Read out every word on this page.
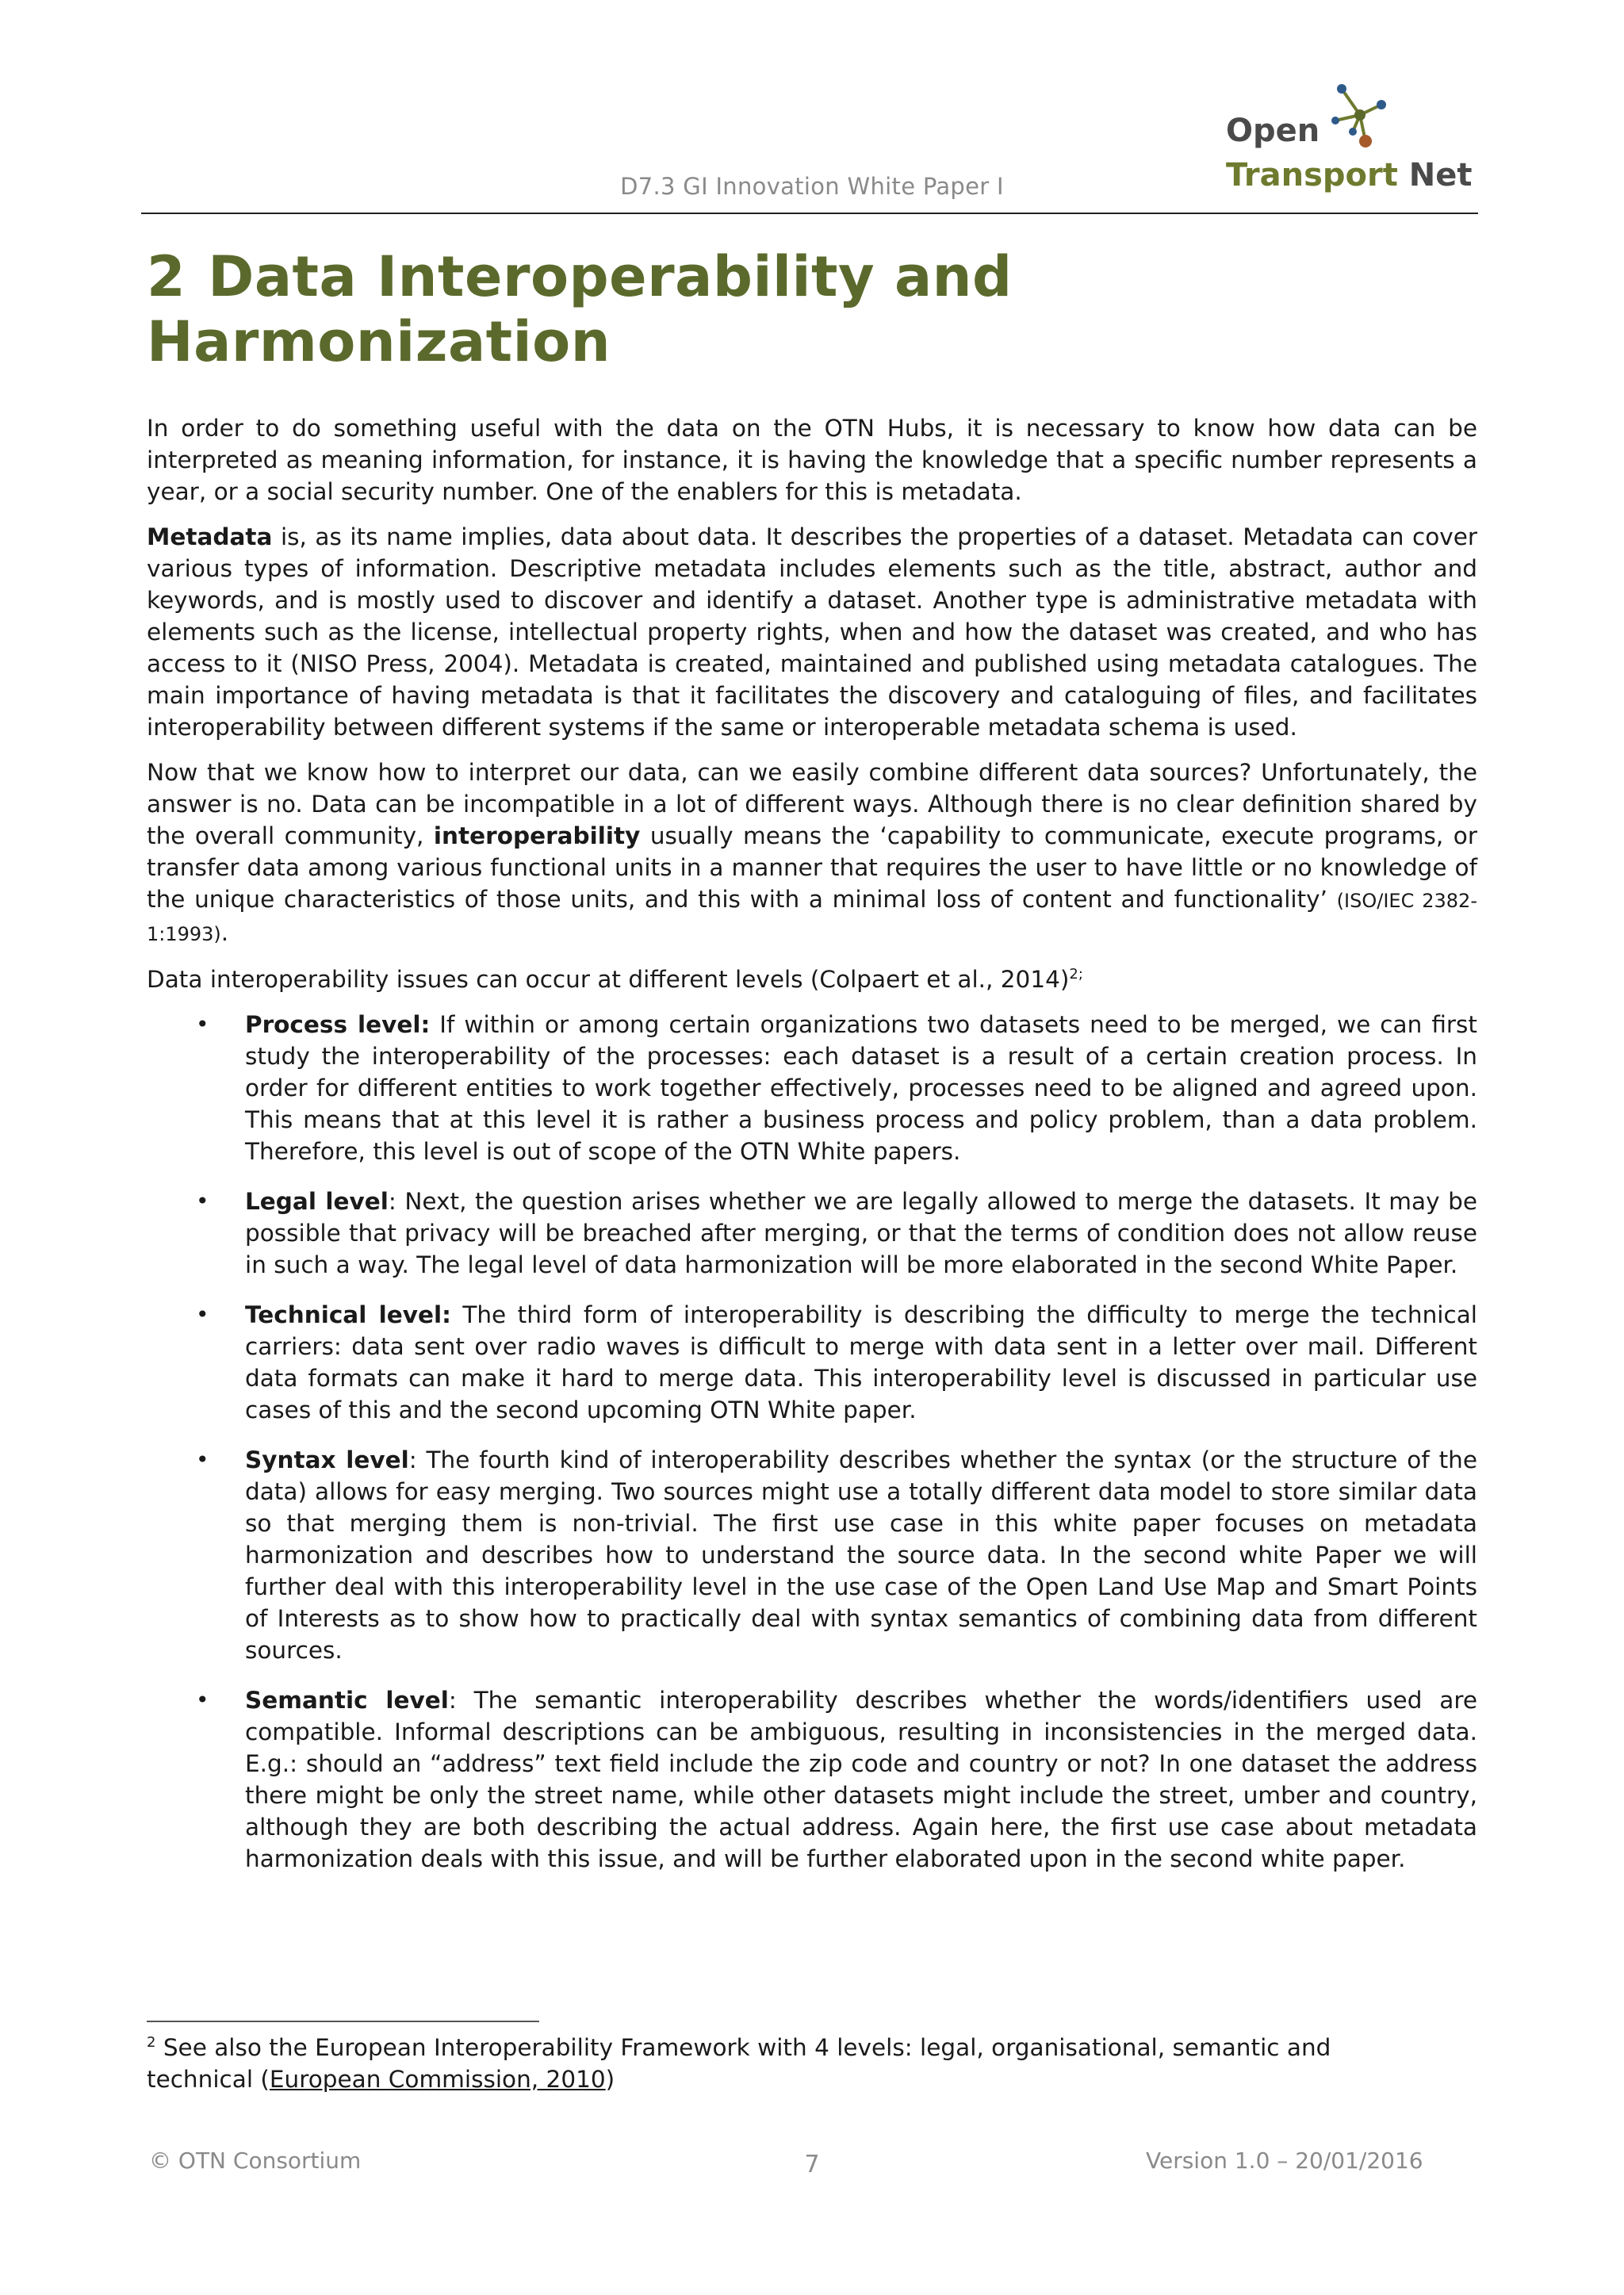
D7.3 GI Innovation White Paper I
Open
Transport Net
2 Data Interoperability and Harmonization

In order to do something useful with the data on the OTN Hubs, it is necessary to know how data can be interpreted as meaning information, for instance, it is having the knowledge that a specific number represents a year, or a social security number. One of the enablers for this is metadata.

Metadata is, as its name implies, data about data. It describes the properties of a dataset. Metadata can cover various types of information. Descriptive metadata includes elements such as the title, abstract, author and keywords, and is mostly used to discover and identify a dataset. Another type is administrative metadata with elements such as the license, intellectual property rights, when and how the dataset was created, and who has access to it (NISO Press, 2004). Metadata is created, maintained and published using metadata catalogues. The main importance of having metadata is that it facilitates the discovery and cataloguing of files, and facilitates interoperability between different systems if the same or interoperable metadata schema is used.

Now that we know how to interpret our data, can we easily combine different data sources? Unfortunately, the answer is no. Data can be incompatible in a lot of different ways. Although there is no clear definition shared by the overall community, interoperability usually means the ‘capability to communicate, execute programs, or transfer data among various functional units in a manner that requires the user to have little or no knowledge of the unique characteristics of those units, and this with a minimal loss of content and functionality’ (ISO/IEC 2382-1:1993).

Data interoperability issues can occur at different levels (Colpaert et al., 2014)$^{2;}$

• Process level: If within or among certain organizations two datasets need to be merged, we can first study the interoperability of the processes: each dataset is a result of a certain creation process. In order for different entities to work together effectively, processes need to be aligned and agreed upon. This means that at this level it is rather a business process and policy problem, than a data problem. Therefore, this level is out of scope of the OTN White papers.
• Legal level: Next, the question arises whether we are legally allowed to merge the datasets. It may be possible that privacy will be breached after merging, or that the terms of condition does not allow reuse in such a way. The legal level of data harmonization will be more elaborated in the second White Paper.
• Technical level: The third form of interoperability is describing the difficulty to merge the technical carriers: data sent over radio waves is difficult to merge with data sent in a letter over mail. Different data formats can make it hard to merge data. This interoperability level is discussed in particular use cases of this and the second upcoming OTN White paper.
• Syntax level: The fourth kind of interoperability describes whether the syntax (or the structure of the data) allows for easy merging. Two sources might use a totally different data model to store similar data so that merging them is non-trivial. The first use case in this white paper focuses on metadata harmonization and describes how to understand the source data. In the second white Paper we will further deal with this interoperability level in the use case of the Open Land Use Map and Smart Points of Interests as to show how to practically deal with syntax semantics of combining data from different sources.
• Semantic level: The semantic interoperability describes whether the words/identifiers used are compatible. Informal descriptions can be ambiguous, resulting in inconsistencies in the merged data. E.g.: should an “address” text field include the zip code and country or not? In one dataset the address there might be only the street name, while other datasets might include the street, umber and country, although they are both describing the actual address. Again here, the first use case about metadata harmonization deals with this issue, and will be further elaborated upon in the second white paper.
$^2$ See also the European Interoperability Framework with 4 levels: legal, organisational, semantic and technical (European Commission, 2010)
© OTN Consortium	7	Version 1.0 – 20/01/2016
